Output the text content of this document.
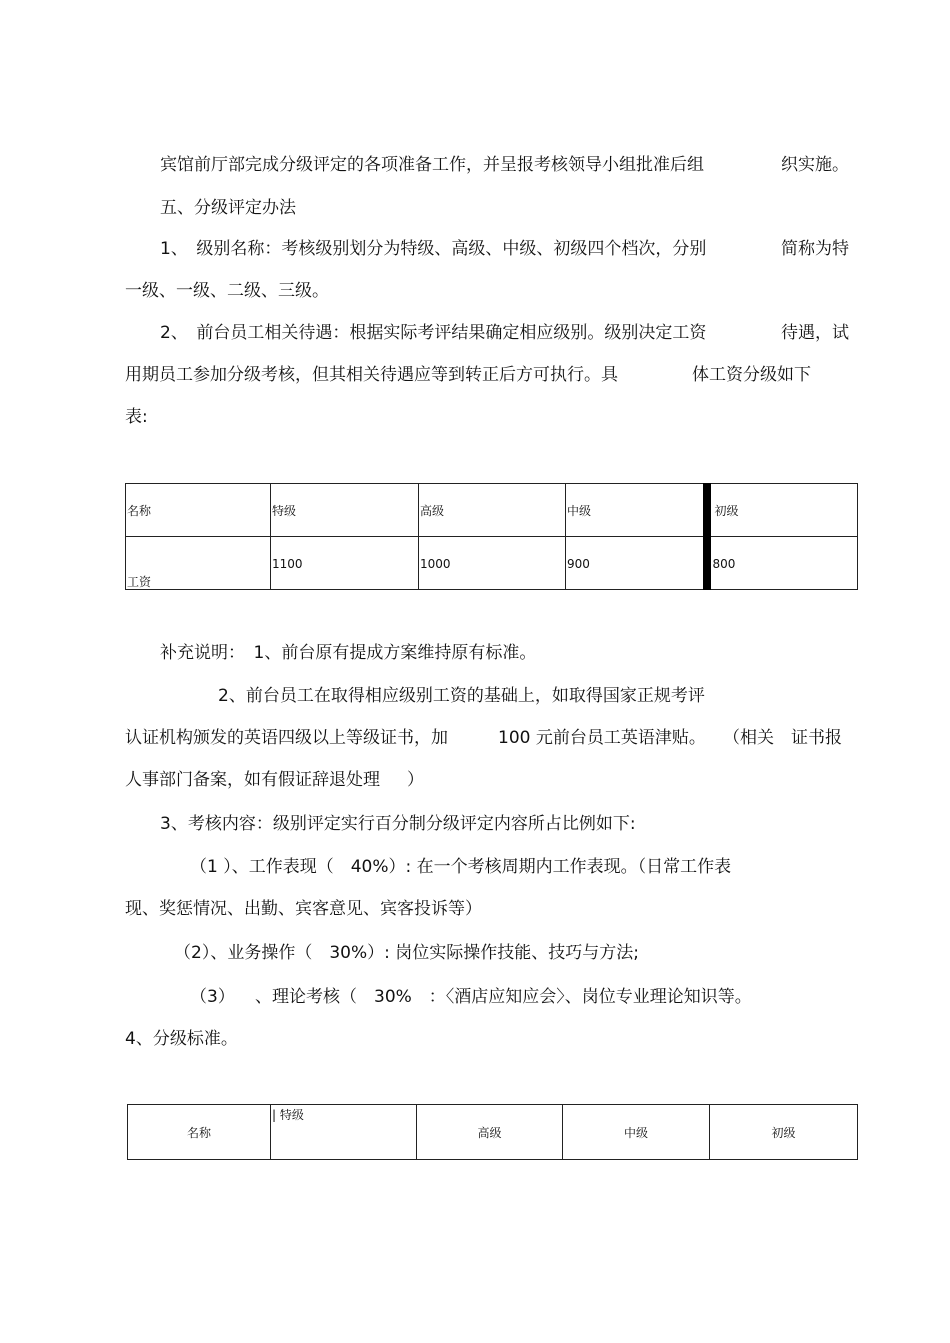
宾馆前厅部完成分级评定的各项准备工作，并呈报考核领导小组批准后组	织实施。
五、分级评定办法
1、　级别名称：考核级别划分为特级、高级、中级、初级四个档次，分别	简称为特
一级、一级、二级、三级。
2、　前台员工相关待遇：根据实际考评结果确定相应级别。级别决定工资	待遇，试
用期员工参加分级考核，但其相关待遇应等到转正后方可执行。具	体工资分级如下
表:
名称	特级	高级	中级	初级

工资	1100	1000	900	800
补充说明：　1、前台原有提成方案维持原有标准。
2、前台员工在取得相应级别工资的基础上，如取得国家正规考评
认证机构颁发的英语四级以上等级证书，加	100 元前台员工英语津贴。 （相关　证书报
人事部门备案，如有假证辞退处理 ）
3、考核内容：级别评定实行百分制分级评定内容所占比例如下:
（1 ）、工作表现（　40%）: 在一个考核周期内工作表现。（日常工作表
现、奖惩情况、出勤、宾客意见、宾客投诉等）
（2）、业务操作（　30%）: 岗位实际操作技能、技巧与方法;
（3） 、理论考核（　30%　：〈酒店应知应会〉、岗位专业理论知识等。
4、分级标准。
名称	| 特级	高级	中级	初级
